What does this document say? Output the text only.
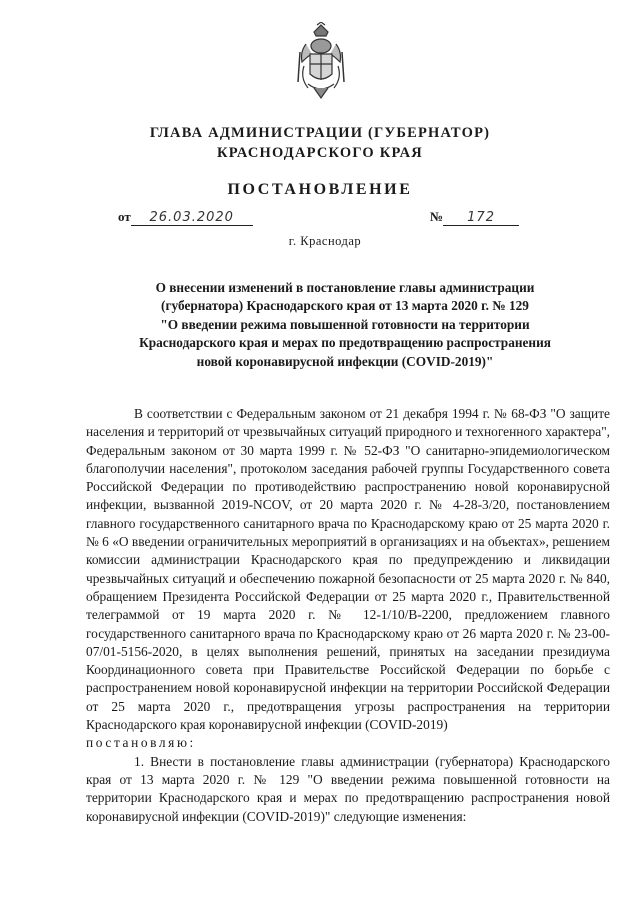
ГЛАВА АДМИНИСТРАЦИИ (ГУБЕРНАТОР)
КРАСНОДАРСКОГО КРАЯ
ПОСТАНОВЛЕНИЕ
от 26.03.2020	№ 172
г. Краснодар
О внесении изменений в постановление главы администрации
(губернатора) Краснодарского края от 13 марта 2020 г. № 129
"О введении режима повышенной готовности на территории
Краснодарского края и мерах по предотвращению распространения
новой коронавирусной инфекции (COVID-2019)"

В соответствии с Федеральным законом от 21 декабря 1994 г. № 68-ФЗ "О защите населения и территорий от чрезвычайных ситуаций природного и техногенного характера", Федеральным законом от 30 марта 1999 г. № 52-ФЗ "О санитарно-эпидемиологическом благополучии населения", протоколом заседания рабочей группы Государственного совета Российской Федерации по противодействию распространению новой коронавирусной инфекции, вызванной 2019-NCOV, от 20 марта 2020 г. № 4-28-3/20, постановлением главного государственного санитарного врача по Краснодарскому краю от 25 марта 2020 г. № 6 «О введении ограничительных мероприятий в организациях и на объектах», решением комиссии администрации Краснодарского края по предупреждению и ликвидации чрезвычайных ситуаций и обеспечению пожарной безопасности от 25 марта 2020 г. № 840, обращением Президента Российской Федерации от 25 марта 2020 г., Правительственной телеграммой от 19 марта 2020 г. № 12-1/10/В-2200, предложением главного государственного санитарного врача по Краснодарскому краю от 26 марта 2020 г. № 23-00-07/01-5156-2020, в целях выполнения решений, принятых на заседании президиума Координационного совета при Правительстве Российской Федерации по борьбе с распространением новой коронавирусной инфекции на территории Российской Федерации от 25 марта 2020 г., предотвращения угрозы распространения на территории Краснодарского края коронавирусной инфекции (COVID-2019)

постановляю:

1. Внести в постановление главы администрации (губернатора) Краснодарского края от 13 марта 2020 г. № 129 "О введении режима повышенной готовности на территории Краснодарского края и мерах по предотвращению распространения новой коронавирусной инфекции (COVID-2019)" следующие изменения:
